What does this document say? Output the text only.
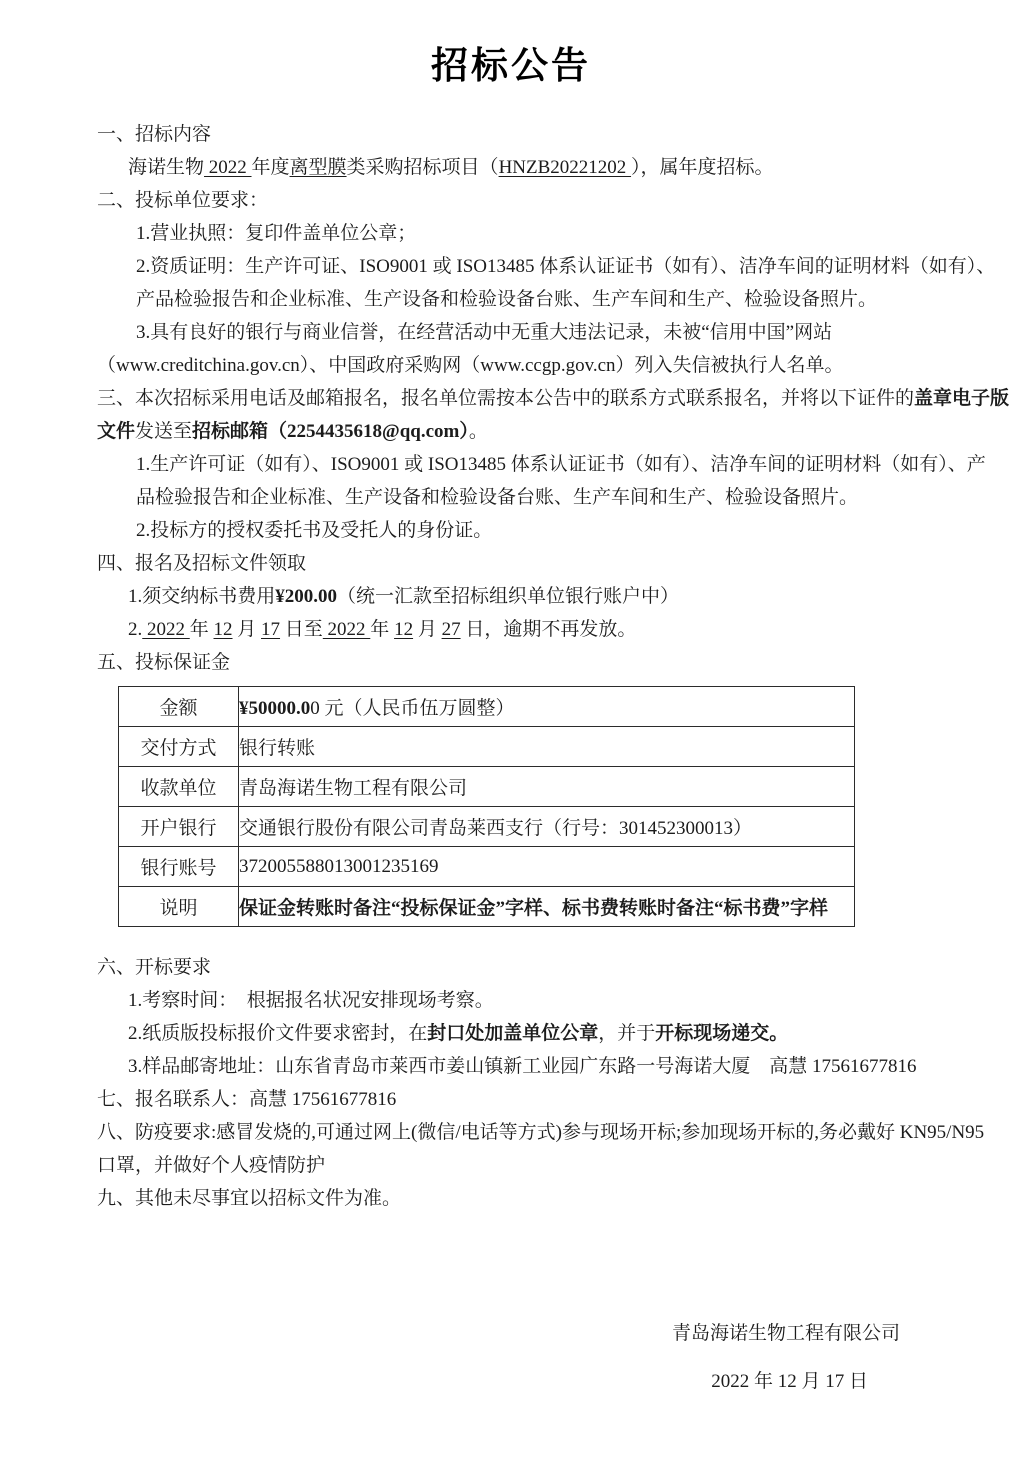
招标公告

一、招标内容

海诺生物 2022 年度离型膜类采购招标项目（HNZB20221202 ），属年度招标。

二、投标单位要求：

1.营业执照：复印件盖单位公章；

2.资质证明：生产许可证、ISO9001 或 ISO13485 体系认证证书（如有）、洁净车间的证明材料（如有）、

产品检验报告和企业标准、生产设备和检验设备台账、生产车间和生产、检验设备照片。

3.具有良好的银行与商业信誉，在经营活动中无重大违法记录，未被“信用中国”网站

（www.creditchina.gov.cn）、中国政府采购网（www.ccgp.gov.cn）列入失信被执行人名单。

三、本次招标采用电话及邮箱报名，报名单位需按本公告中的联系方式联系报名，并将以下证件的盖章电子版

文件发送至招标邮箱（2254435618@qq.com）。

1.生产许可证（如有）、ISO9001 或 ISO13485 体系认证证书（如有）、洁净车间的证明材料（如有）、产

品检验报告和企业标准、生产设备和检验设备台账、生产车间和生产、检验设备照片。

2.投标方的授权委托书及受托人的身份证。

四、报名及招标文件领取

1.须交纳标书费用¥200.00（统一汇款至招标组织单位银行账户中）

2. 2022 年 12 月 17 日至 2022 年 12 月 27 日，逾期不再发放。

五、投标保证金

金额	¥50000.00 元（人民币伍万圆整）
交付方式	银行转账
收款单位	青岛海诺生物工程有限公司
开户银行	交通银行股份有限公司青岛莱西支行（行号：301452300013）
银行账号	372005588013001235169
说明	保证金转账时备注“投标保证金”字样、标书费转账时备注“标书费”字样

六、开标要求

1.考察时间：　根据报名状况安排现场考察。

2.纸质版投标报价文件要求密封，在封口处加盖单位公章，并于开标现场递交。

3.样品邮寄地址：山东省青岛市莱西市姜山镇新工业园广东路一号海诺大厦　高慧 17561677816

七、报名联系人：高慧 17561677816

八、防疫要求:感冒发烧的,可通过网上(微信/电话等方式)参与现场开标;参加现场开标的,务必戴好 KN95/N95

口罩，并做好个人疫情防护

九、其他未尽事宜以招标文件为准。

青岛海诺生物工程有限公司

2022 年 12 月 17 日
